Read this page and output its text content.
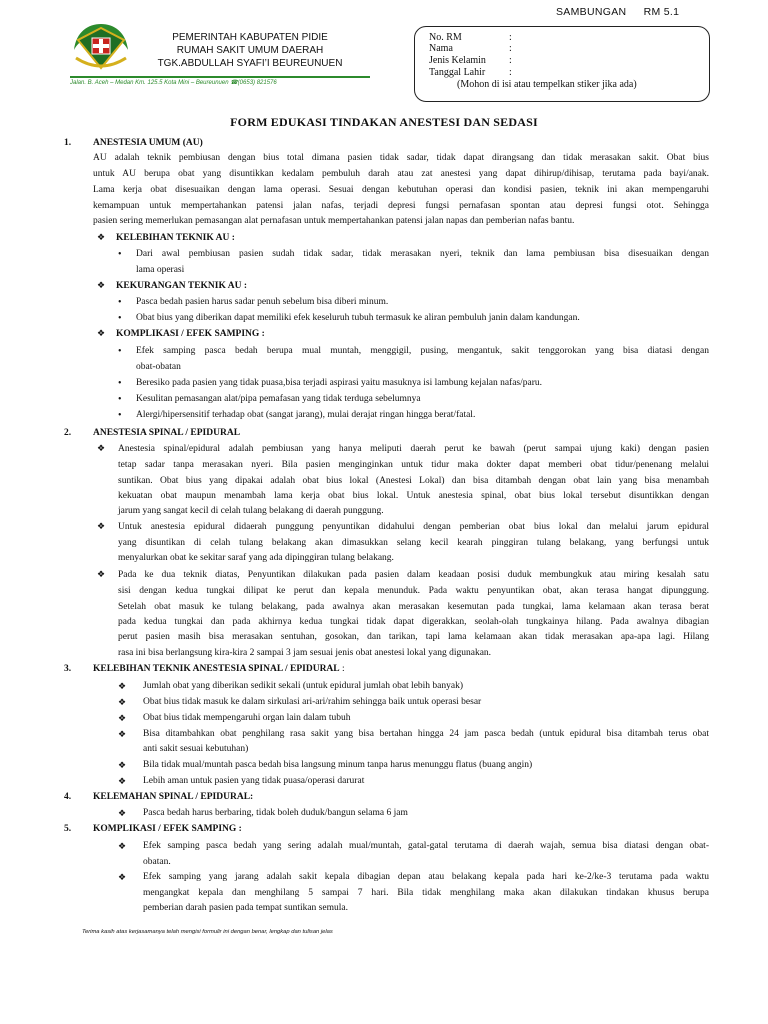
SAMBUNGAN RM 5.1
PEMERINTAH KABUPATEN PIDIE
RUMAH SAKIT UMUM DAERAH
TGK.ABDULLAH SYAFI’I BEUREUNUEN
Jalan. B. Aceh – Medan Km. 125.5 Kota Mini – Beureunuen ☎(0653) 821576
No. RM	:
Nama	:
Jenis Kelamin :
Tanggal Lahir :
(Mohon di isi atau tempelkan stiker jika ada)
FORM EDUKASI TINDAKAN ANESTESI DAN SEDASI
1. ANESTESIA UMUM (AU)
AU adalah teknik pembiusan dengan bius total dimana pasien tidak sadar, tidak dapat dirangsang dan tidak merasakan sakit. Obat bius
untuk AU berupa obat yang disuntikkan kedalam pembuluh darah atau zat anestesi yang dapat dihirup/dihisap, terutama pada bayi/anak.
Lama kerja obat disesuaikan dengan lama operasi. Sesuai dengan kebutuhan operasi dan kondisi pasien, teknik ini akan mempengaruhi
kemampuan untuk mempertahankan patensi jalan nafas, terjadi depresi fungsi pernafasan spontan atau depresi fungsi otot. Sehingga
pasien sering memerlukan pemasangan alat pernafasan untuk mempertahankan patensi jalan napas dan pemberian nafas bantu.
❖ KELEBIHAN TEKNIK AU :
• Dari awal pembiusan pasien sudah tidak sadar, tidak merasakan nyeri, teknik dan lama pembiusan bisa disesuaikan dengan
lama operasi
❖ KEKURANGAN TEKNIK AU :
• Pasca bedah pasien harus sadar penuh sebelum bisa diberi minum.
• Obat bius yang diberikan dapat memiliki efek keseluruh tubuh termasuk ke aliran pembuluh janin dalam kandungan.
❖ KOMPLIKASI / EFEK SAMPING :
• Efek samping pasca bedah berupa mual muntah, menggigil, pusing, mengantuk, sakit tenggorokan yang bisa diatasi dengan
obat-obatan
• Beresiko pada pasien yang tidak puasa,bisa terjadi aspirasi yaitu masuknya isi lambung kejalan nafas/paru.
• Kesulitan pemasangan alat/pipa pemafasan yang tidak terduga sebelumnya
• Alergi/hipersensitif terhadap obat (sangat jarang), mulai derajat ringan hingga berat/fatal.
2. ANESTESIA SPINAL / EPIDURAL
❖ Anestesia spinal/epidural adalah pembiusan yang hanya meliputi daerah perut ke bawah (perut sampai ujung kaki) dengan pasien
tetap sadar tanpa merasakan nyeri. Bila pasien menginginkan untuk tidur maka dokter dapat memberi obat tidur/penenang melalui
suntikan. Obat bius yang dipakai adalah obat bius lokal (Anestesi Lokal) dan bisa ditambah dengan obat lain yang bisa menambah
kekuatan obat maupun menambah lama kerja obat bius lokal. Untuk anestesia spinal, obat bius lokal tersebut disuntikkan dengan
jarum yang sangat kecil di celah tulang belakang di daerah punggung.
❖ Untuk anestesia epidural didaerah punggung penyuntikan didahului dengan pemberian obat bius lokal dan melalui jarum epidural
yang disuntikan di celah tulang belakang akan dimasukkan selang kecil kearah pinggiran tulang belakang, yang berfungsi untuk
menyalurkan obat ke sekitar saraf yang ada dipinggiran tulang belakang.
❖ Pada ke dua teknik diatas, Penyuntikan dilakukan pada pasien dalam keadaan posisi duduk membungkuk atau miring kesalah satu
sisi dengan kedua tungkai dilipat ke perut dan kepala menunduk. Pada waktu penyuntikan obat, akan terasa hangat dipunggung.
Setelah obat masuk ke tulang belakang, pada awalnya akan merasakan kesemutan pada tungkai, lama kelamaan akan terasa berat
pada kedua tungkai dan pada akhirnya kedua tungkai tidak dapat digerakkan, seolah-olah tungkainya hilang. Pada awalnya dibagian
perut pasien masih bisa merasakan sentuhan, gosokan, dan tarikan, tapi lama kelamaan akan tidak merasakan apa-apa lagi. Hilang
rasa ini bisa berlangsung kira-kira 2 sampai 3 jam sesuai jenis obat anestesi lokal yang digunakan.
3. KELEBIHAN TEKNIK ANESTESIA SPINAL / EPIDURAL :
❖ Jumlah obat yang diberikan sedikit sekali (untuk epidural jumlah obat lebih banyak)
❖ Obat bius tidak masuk ke dalam sirkulasi ari-ari/rahim sehingga baik untuk operasi besar
❖ Obat bius tidak mempengaruhi organ lain dalam tubuh
❖ Bisa ditambahkan obat penghilang rasa sakit yang bisa bertahan hingga 24 jam pasca bedah (untuk epidural bisa ditambah terus obat
anti sakit sesuai kebutuhan)
❖ Bila tidak mual/muntah pasca bedah bisa langsung minum tanpa harus menunggu flatus (buang angin)
❖ Lebih aman untuk pasien yang tidak puasa/operasi darurat
4. KELEMAHAN SPINAL / EPIDURAL:
❖ Pasca bedah harus berbaring, tidak boleh duduk/bangun selama 6 jam
5. KOMPLIKASI / EFEK SAMPING :
❖ Efek samping pasca bedah yang sering adalah mual/muntah, gatal-gatal terutama di daerah wajah, semua bisa diatasi dengan obat-
obatan.
❖ Efek samping yang jarang adalah sakit kepala dibagian depan atau belakang kepala pada hari ke-2/ke-3 terutama pada waktu
mengangkat kepala dan menghilang 5 sampai 7 hari. Bila tidak menghilang maka akan dilakukan tindakan khusus berupa
pemberian darah pasien pada tempat suntikan semula.
Terima kasih atas kerjasamanya telah mengisi formulir ini dengan benar, lengkap dan tulisan jelas
